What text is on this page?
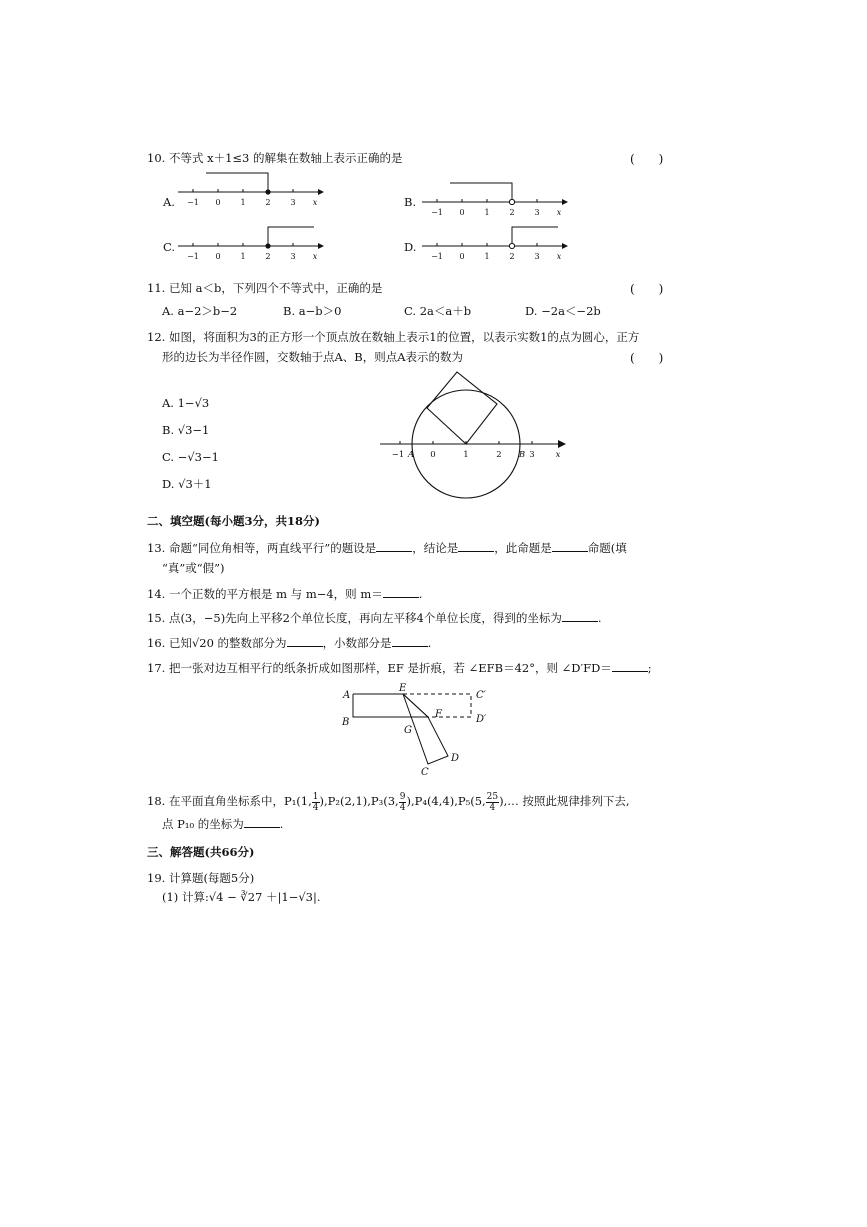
10. 不等式 x＋1≤3 的解集在数轴上表示正确的是	(　　)
A. −1 0 1 2 3 x	B.
−1 0 1 2 3 x
C.
−1 0 1 2 3 x
D.
−1 0 1 2 3 x
11. 已知 a＜b，下列四个不等式中，正确的是	(　　)
A. a−2＞b−2	B. a−b＞0	C. 2a＜a＋b	D. −2a＜−2b
12. 如图，将面积为3的正方形一个顶点放在数轴上表示1的位置，以表示实数1的点为圆心，正方
形的边长为半径作圆，交数轴于点A、B，则点A表示的数为	(　　)
A. 1−√3
B. √3−1
C. −√3−1
D. √3＋1
−1 A 0	1	2 B 3 x
二、填空题(每小题3分，共18分)
13. 命题“同位角相等，两直线平行”的题设是	，结论是	，此命题是	命题(填
“真”或“假”)
14. 一个正数的平方根是 m 与 m−4，则 m＝	.
15. 点(3，−5)先向上平移2个单位长度，再向左平移4个单位长度，得到的坐标为	.
16. 已知√20 的整数部分为	，小数部分是	.
17. 把一张对边互相平行的纸条折成如图那样，EF 是折痕，若 ∠EFB＝42°，则 ∠D′FD＝	;
A
B
E
F
G
C′
D′
D
C
18. 在平面直角坐标系中，P₁(1, $\frac{1}{4} ),P_2(2,1),P_3(3$, $\frac{9}{4} ),P_4(4,4),P_5(5$, $\frac{25}{4}$ ),… 按照此规律排列下去,
点 P₁₀ 的坐标为	.
三、解答题(共66分)
19. 计算题(每题5分)
(1) 计算:√4 − ∛27 ＋|1−√3|.
